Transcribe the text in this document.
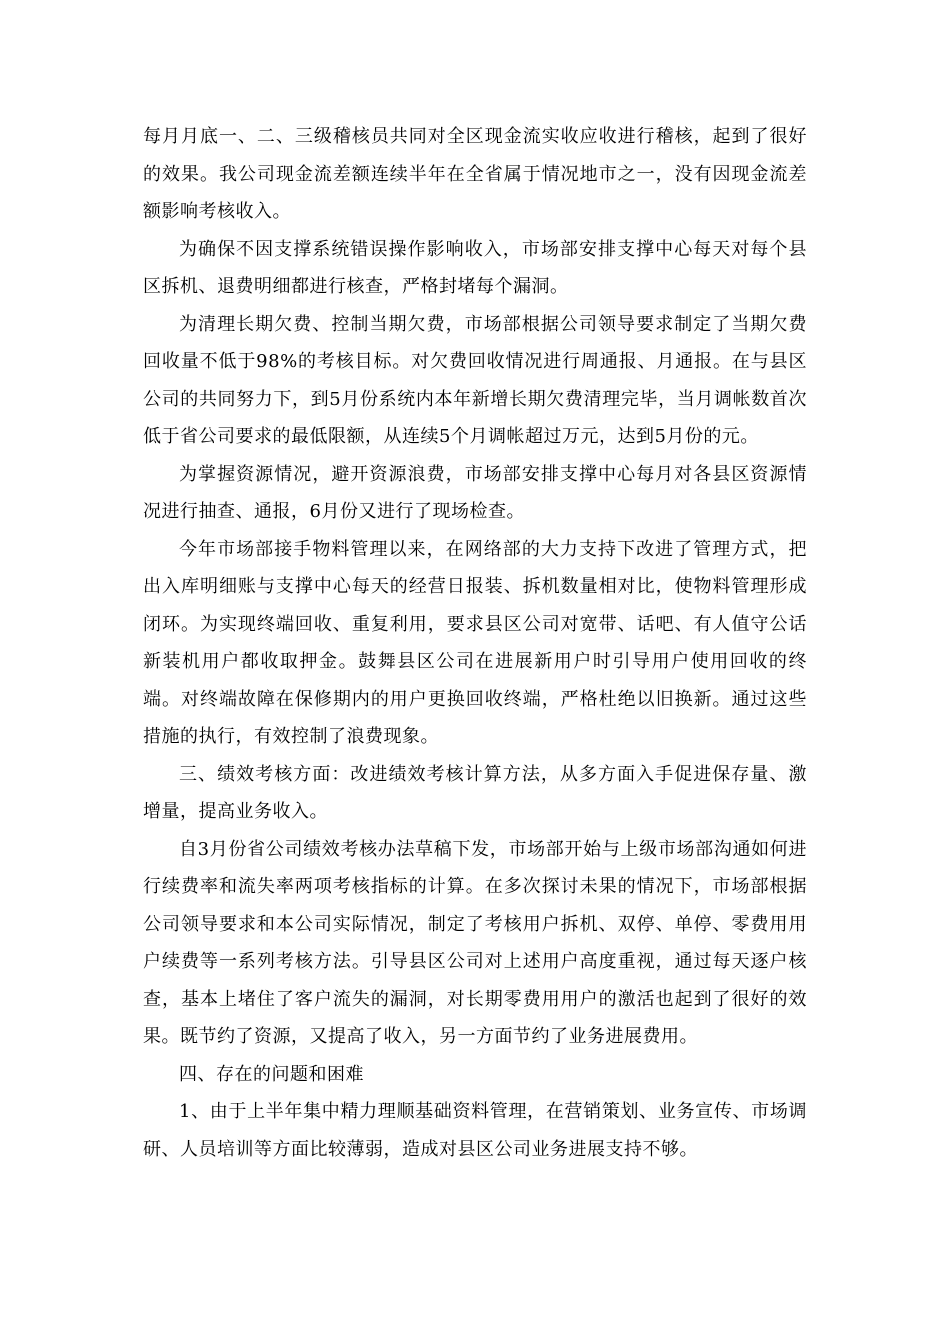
每月月底一、二、三级稽核员共同对全区现金流实收应收进行稽核，起到了很好的效果。我公司现金流差额连续半年在全省属于情况地市之一，没有因现金流差额影响考核收入。

为确保不因支撑系统错误操作影响收入，市场部安排支撑中心每天对每个县区拆机、退费明细都进行核查，严格封堵每个漏洞。

为清理长期欠费、控制当期欠费，市场部根据公司领导要求制定了当期欠费回收量不低于98%的考核目标。对欠费回收情况进行周通报、月通报。在与县区公司的共同努力下，到5月份系统内本年新增长期欠费清理完毕，当月调帐数首次低于省公司要求的最低限额，从连续5个月调帐超过万元，达到5月份的元。

为掌握资源情况，避开资源浪费，市场部安排支撑中心每月对各县区资源情况进行抽查、通报，6月份又进行了现场检查。

今年市场部接手物料管理以来，在网络部的大力支持下改进了管理方式，把出入库明细账与支撑中心每天的经营日报装、拆机数量相对比，使物料管理形成闭环。为实现终端回收、重复利用，要求县区公司对宽带、话吧、有人值守公话新装机用户都收取押金。鼓舞县区公司在进展新用户时引导用户使用回收的终端。对终端故障在保修期内的用户更换回收终端，严格杜绝以旧换新。通过这些措施的执行，有效控制了浪费现象。

三、绩效考核方面：改进绩效考核计算方法，从多方面入手促进保存量、激增量，提高业务收入。

自3月份省公司绩效考核办法草稿下发，市场部开始与上级市场部沟通如何进行续费率和流失率两项考核指标的计算。在多次探讨未果的情况下，市场部根据公司领导要求和本公司实际情况，制定了考核用户拆机、双停、单停、零费用用户续费等一系列考核方法。引导县区公司对上述用户高度重视，通过每天逐户核查，基本上堵住了客户流失的漏洞，对长期零费用用户的激活也起到了很好的效果。既节约了资源，又提高了收入，另一方面节约了业务进展费用。

四、存在的问题和困难

1、由于上半年集中精力理顺基础资料管理，在营销策划、业务宣传、市场调研、人员培训等方面比较薄弱，造成对县区公司业务进展支持不够。
